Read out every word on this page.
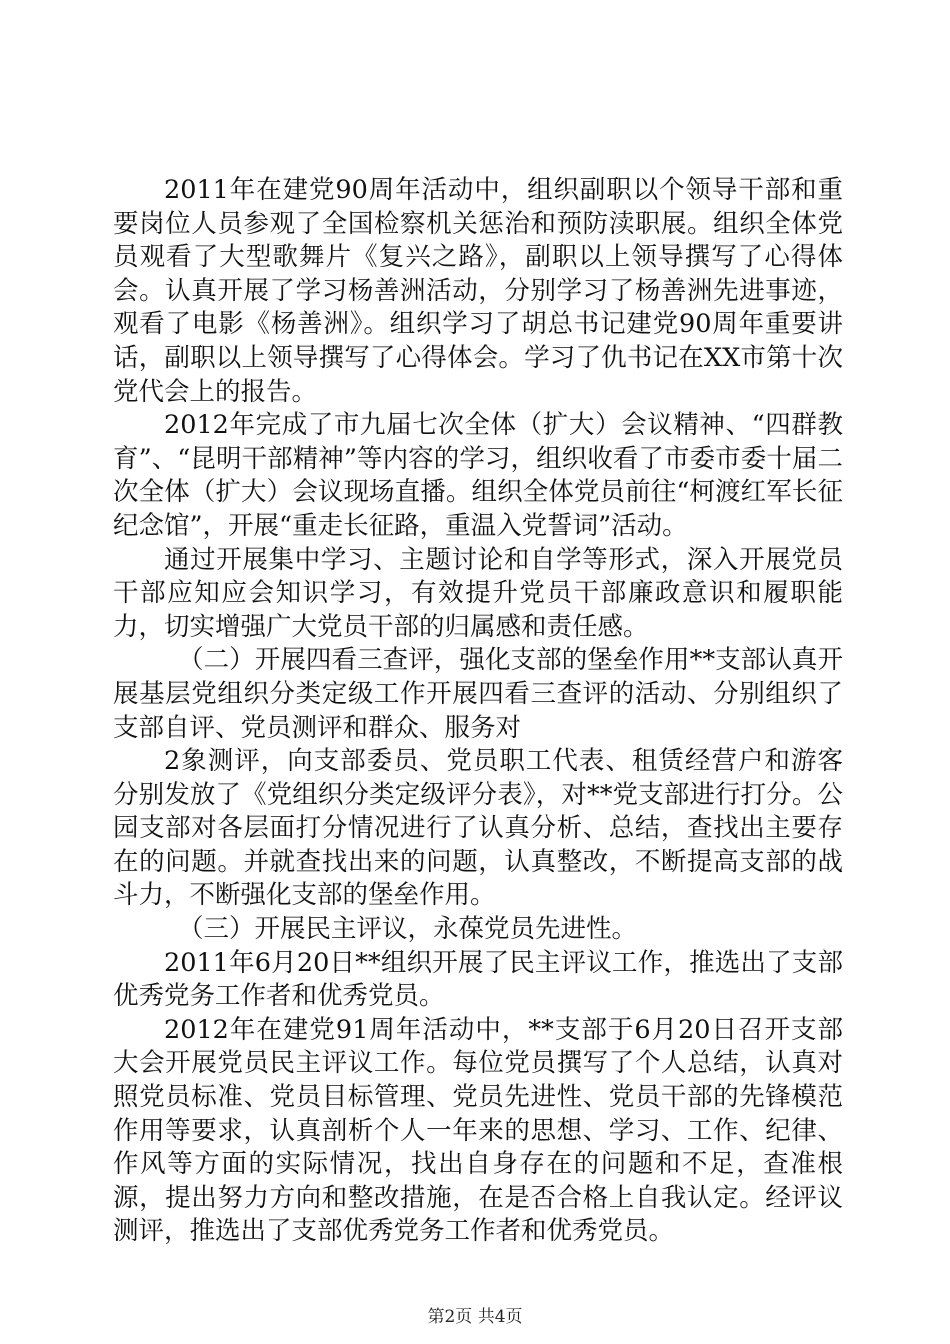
2011年在建党90周年活动中，组织副职以个领导干部和重要岗位人员参观了全国检察机关惩治和预防渎职展。组织全体党员观看了大型歌舞片《复兴之路》，副职以上领导撰写了心得体会。认真开展了学习杨善洲活动，分别学习了杨善洲先进事迹，观看了电影《杨善洲》。组织学习了胡总书记建党90周年重要讲话，副职以上领导撰写了心得体会。学习了仇书记在XX市第十次党代会上的报告。

2012年完成了市九届七次全体（扩大）会议精神、“四群教育”、“昆明干部精神”等内容的学习，组织收看了市委市委十届二次全体（扩大）会议现场直播。组织全体党员前往“柯渡红军长征纪念馆”，开展“重走长征路，重温入党誓词”活动。

通过开展集中学习、主题讨论和自学等形式，深入开展党员干部应知应会知识学习，有效提升党员干部廉政意识和履职能力，切实增强广大党员干部的归属感和责任感。

（二）开展四看三查评，强化支部的堡垒作用**支部认真开展基层党组织分类定级工作开展四看三查评的活动、分别组织了支部自评、党员测评和群众、服务对

2象测评，向支部委员、党员职工代表、租赁经营户和游客分别发放了《党组织分类定级评分表》，对**党支部进行打分。公园支部对各层面打分情况进行了认真分析、总结，查找出主要存在的问题。并就查找出来的问题，认真整改，不断提高支部的战斗力，不断强化支部的堡垒作用。

（三）开展民主评议，永葆党员先进性。

2011年6月20日**组织开展了民主评议工作，推选出了支部优秀党务工作者和优秀党员。

2012年在建党91周年活动中，**支部于6月20日召开支部大会开展党员民主评议工作。每位党员撰写了个人总结，认真对照党员标准、党员目标管理、党员先进性、党员干部的先锋模范作用等要求，认真剖析个人一年来的思想、学习、工作、纪律、作风等方面的实际情况，找出自身存在的问题和不足，查准根源，提出努力方向和整改措施，在是否合格上自我认定。经评议测评，推选出了支部优秀党务工作者和优秀党员。

第2页 共4页
